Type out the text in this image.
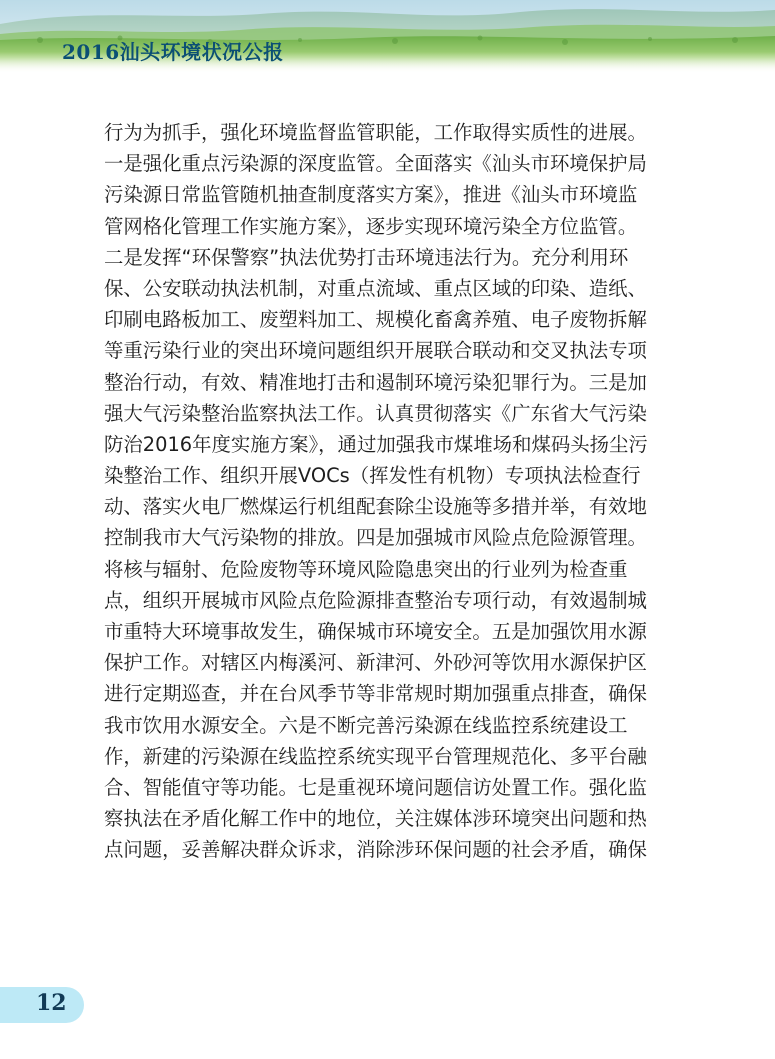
2016汕头环境状况公报
行为为抓手，强化环境监督监管职能，工作取得实质性的进展。
一是强化重点污染源的深度监管。全面落实《汕头市环境保护局
污染源日常监管随机抽查制度落实方案》，推进《汕头市环境监
管网格化管理工作实施方案》，逐步实现环境污染全方位监管。
二是发挥“环保警察”执法优势打击环境违法行为。充分利用环
保、公安联动执法机制，对重点流域、重点区域的印染、造纸、
印刷电路板加工、废塑料加工、规模化畜禽养殖、电子废物拆解
等重污染行业的突出环境问题组织开展联合联动和交叉执法专项
整治行动，有效、精准地打击和遏制环境污染犯罪行为。三是加
强大气污染整治监察执法工作。认真贯彻落实《广东省大气污染
防治2016年度实施方案》，通过加强我市煤堆场和煤码头扬尘污
染整治工作、组织开展VOCs（挥发性有机物）专项执法检查行
动、落实火电厂燃煤运行机组配套除尘设施等多措并举，有效地
控制我市大气污染物的排放。四是加强城市风险点危险源管理。
将核与辐射、危险废物等环境风险隐患突出的行业列为检查重
点，组织开展城市风险点危险源排查整治专项行动，有效遏制城
市重特大环境事故发生，确保城市环境安全。五是加强饮用水源
保护工作。对辖区内梅溪河、新津河、外砂河等饮用水源保护区
进行定期巡查，并在台风季节等非常规时期加强重点排查，确保
我市饮用水源安全。六是不断完善污染源在线监控系统建设工
作，新建的污染源在线监控系统实现平台管理规范化、多平台融
合、智能值守等功能。七是重视环境问题信访处置工作。强化监
察执法在矛盾化解工作中的地位，关注媒体涉环境突出问题和热
点问题，妥善解决群众诉求，消除涉环保问题的社会矛盾，确保
12
